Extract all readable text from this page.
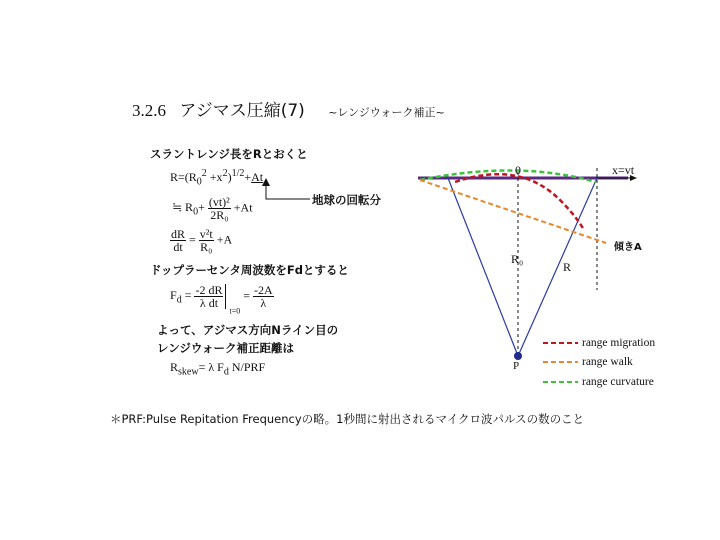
3.2.6 アジマス圧縮(7) ~レンジウォーク補正~
スラントレンジ長をRとおくと
$R=(R_0^2 +x^2)^{1/2}+At$
地球の回転分
≒ $R_0+ \frac{\text{(vt)²}}{\text{2R₀}} +At$
$\frac{dR}{dt} = \frac{\text{v²t}}{\text{R₀}} +A$
ドップラーセンタ周波数をFdとすると
$F_d = \frac{-2 dR}{\text{λ dt}}$
$_{t=0} = \frac{-2A}{\lambda}$
よって、アジマス方向Nライン目の
レンジウォーク補正距離は
$R_{skew}= \lambda$ $F_d$ N/PRF
＊PRF:Pulse Repitation Frequencyの略。1秒間に射出されるマイクロ波パルスの数のこと
0	x=vt
R₀
R
P
傾きA
range migration
range walk
range curvature
